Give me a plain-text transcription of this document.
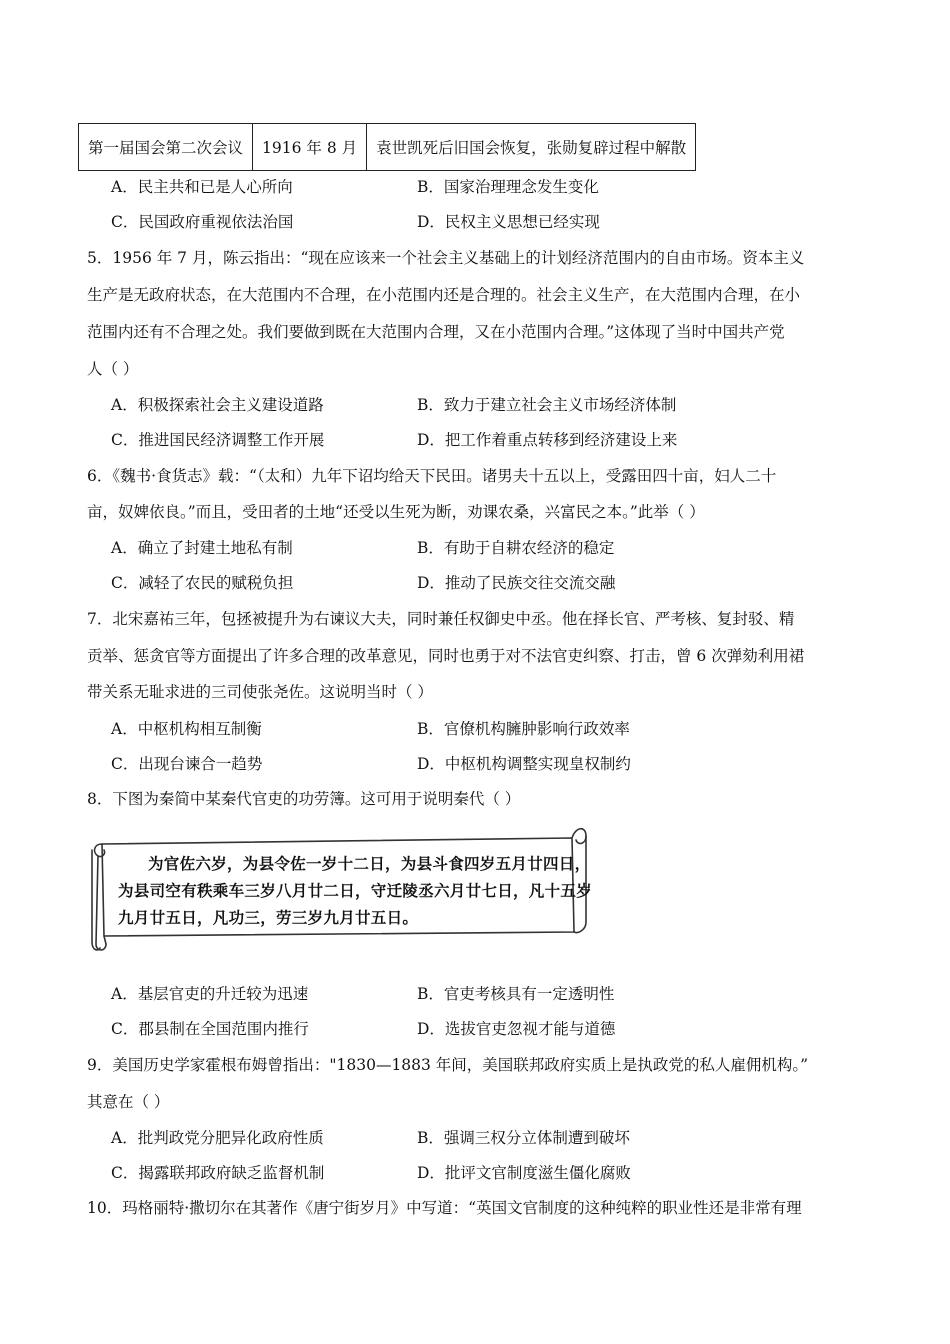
第一届国会第二次会议	1916 年 8 月	袁世凯死后旧国会恢复，张勋复辟过程中解散
A．民主共和已是人心所向	B．国家治理理念发生变化
C．民国政府重视依法治国	D．民权主义思想已经实现
5．1956 年 7 月，陈云指出：“现在应该来一个社会主义基础上的计划经济范围内的自由市场。资本主义
生产是无政府状态，在大范围内不合理，在小范围内还是合理的。社会主义生产，在大范围内合理，在小
范围内还有不合理之处。我们要做到既在大范围内合理，又在小范围内合理。”这体现了当时中国共产党
人（ ）
A．积极探索社会主义建设道路	B．致力于建立社会主义市场经济体制
C．推进国民经济调整工作开展	D．把工作着重点转移到经济建设上来
6．《魏书·食货志》载：“（太和）九年下诏均给天下民田。诸男夫十五以上，受露田四十亩，妇人二十
亩，奴婢依良。”而且，受田者的土地“还受以生死为断，劝课农桑，兴富民之本。”此举（ ）
A．确立了封建土地私有制	B．有助于自耕农经济的稳定
C．减轻了农民的赋税负担	D．推动了民族交往交流交融
7．北宋嘉祐三年，包拯被提升为右谏议大夫，同时兼任权御史中丞。他在择长官、严考核、复封驳、精
贡举、惩贪官等方面提出了许多合理的改革意见，同时也勇于对不法官吏纠察、打击，曾 6 次弹劾利用裙
带关系无耻求进的三司使张尧佐。这说明当时（ ）
A．中枢机构相互制衡	B．官僚机构臃肿影响行政效率
C．出现台谏合一趋势	D．中枢机构调整实现皇权制约
8．下图为秦简中某秦代官吏的功劳簿。这可用于说明秦代（ ）
为官佐六岁，为县令佐一岁十二日，为县斗食四岁五月廿四日，
为县司空有秩乘车三岁八月廿二日，守迁陵丞六月廿七日，凡十五岁
九月廿五日，凡功三，劳三岁九月廿五日。
A．基层官吏的升迁较为迅速	B．官吏考核具有一定透明性
C．郡县制在全国范围内推行	D．选拔官吏忽视才能与道德
9．美国历史学家霍根布姆曾指出："1830—1883 年间，美国联邦政府实质上是执政党的私人雇佣机构。”
其意在（ ）
A．批判政党分肥异化政府性质	B．强调三权分立体制遭到破坏
C．揭露联邦政府缺乏监督机制	D．批评文官制度滋生僵化腐败
10．玛格丽特·撒切尔在其著作《唐宁街岁月》中写道：“英国文官制度的这种纯粹的职业性还是非常有理
